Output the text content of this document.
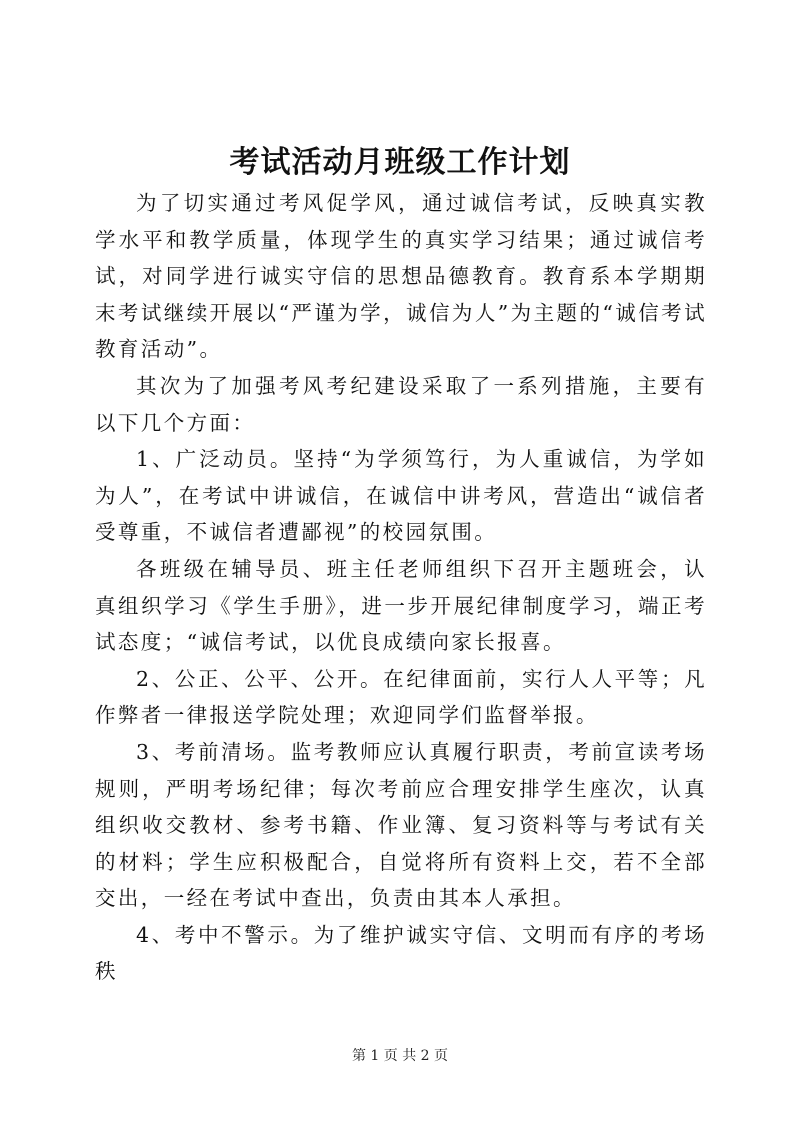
考试活动月班级工作计划

为了切实通过考风促学风，通过诚信考试，反映真实教学水平和教学质量，体现学生的真实学习结果；通过诚信考试，对同学进行诚实守信的思想品德教育。教育系本学期期末考试继续开展以“严谨为学，诚信为人”为主题的“诚信考试教育活动”。

其次为了加强考风考纪建设采取了一系列措施，主要有以下几个方面：

1、广泛动员。坚持“为学须笃行，为人重诚信，为学如为人”，在考试中讲诚信，在诚信中讲考风，营造出“诚信者受尊重，不诚信者遭鄙视”的校园氛围。

各班级在辅导员、班主任老师组织下召开主题班会，认真组织学习《学生手册》，进一步开展纪律制度学习，端正考试态度；“诚信考试，以优良成绩向家长报喜。

2、公正、公平、公开。在纪律面前，实行人人平等；凡作弊者一律报送学院处理；欢迎同学们监督举报。

3、考前清场。监考教师应认真履行职责，考前宣读考场规则，严明考场纪律；每次考前应合理安排学生座次，认真组织收交教材、参考书籍、作业簿、复习资料等与考试有关的材料；学生应积极配合，自觉将所有资料上交，若不全部交出，一经在考试中查出，负责由其本人承担。

4、考中不警示。为了维护诚实守信、文明而有序的考场秩

第 1 页 共 2 页
